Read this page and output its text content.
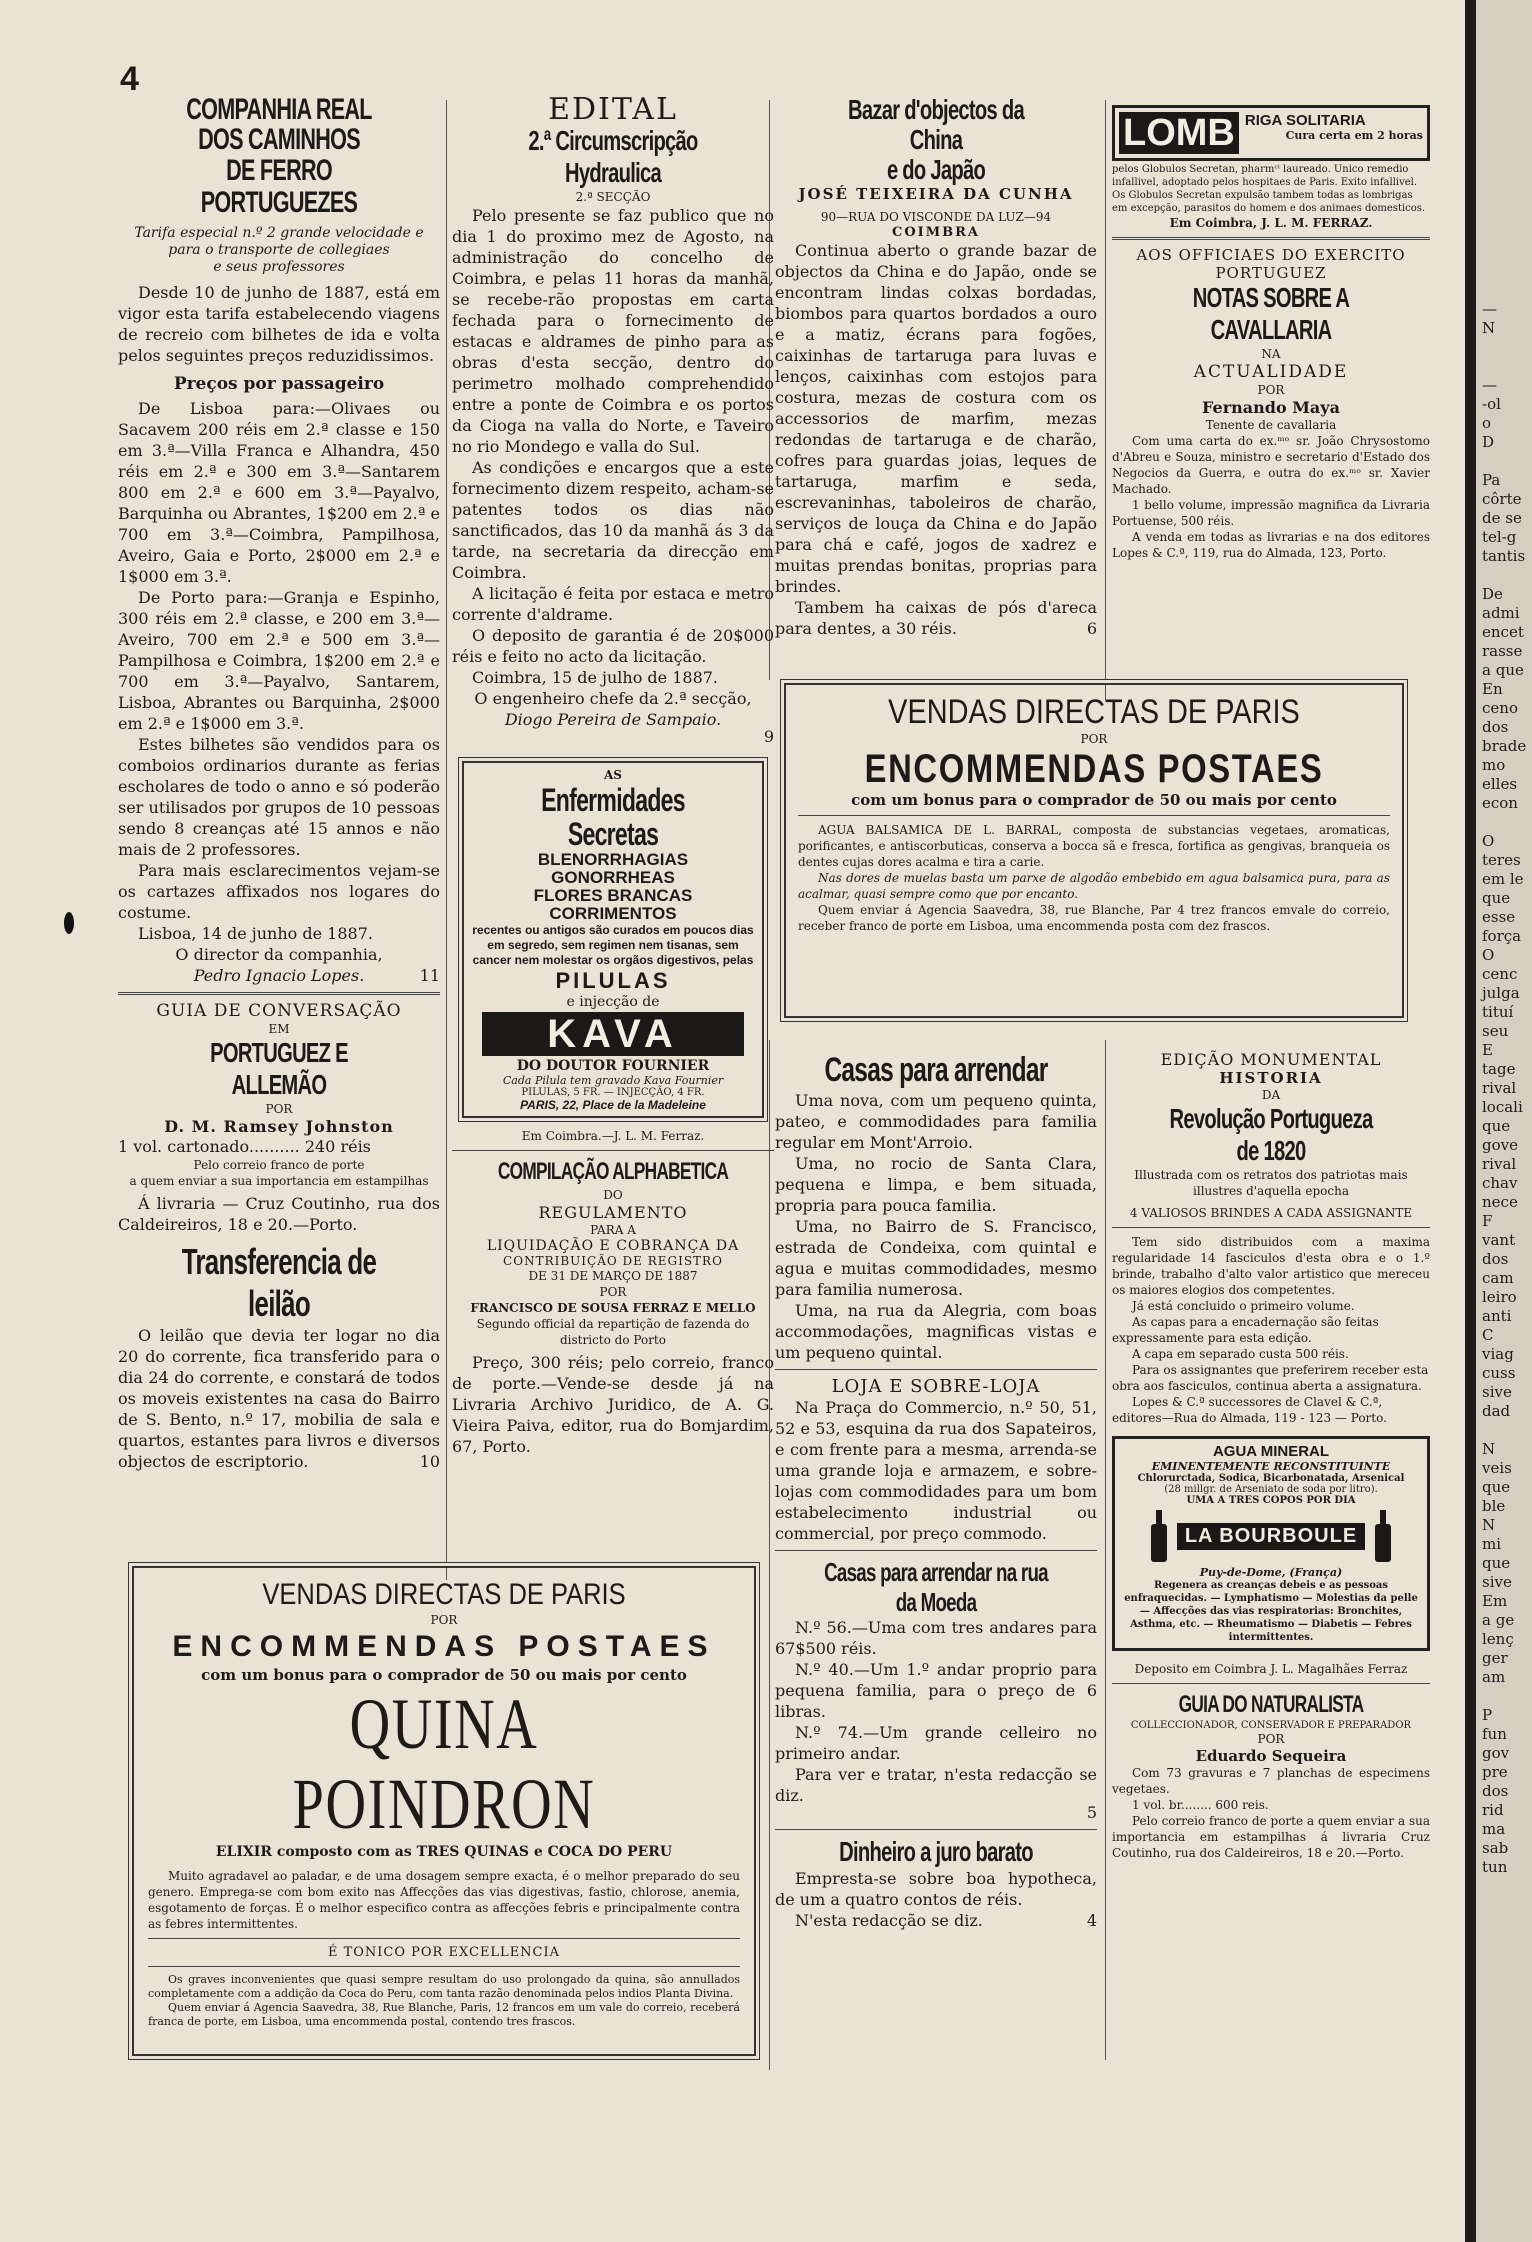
—

N

—

-ol

o

D

Pa

côrte

de se

tel-g

tantis

De

admi

encet

rasse

a que

En

ceno

dos

brade

mo

elles

econ

O

teres

em le

que

esse

força

O

cenc

julga

tituí

seu

E

tage

rival

locali

que

gove

rival

chav

nece

F

vant

dos

cam

leiro

anti

C

viag

cuss

sive

dad

N

veis

que

ble

N

mi

que

sive

Em

a ge

lenç

ger

am

P

fun

gov

pre

dos

rid

ma

sab

tun

4
COMPANHIA REAL DOS CAMINHOS
DE FERRO PORTUGUEZES

Tarifa especial n.º 2 grande velocidade e

para o transporte de collegiaes

e seus professores

Desde 10 de junho de 1887, está em vigor esta tarifa estabelecendo viagens de recreio com bilhetes de ida e volta pelos seguintes preços reduzidissimos.

Preços por passageiro

De Lisboa para:—Olivaes ou Sacavem 200 réis em 2.ª classe e 150 em 3.ª—Villa Franca e Alhandra, 450 réis em 2.ª e 300 em 3.ª—Santarem 800 em 2.ª e 600 em 3.ª—Payalvo, Barquinha ou Abrantes, 1$200 em 2.ª e 700 em 3.ª—Coimbra, Pampilhosa, Aveiro, Gaia e Porto, 2$000 em 2.ª e 1$000 em 3.ª.

De Porto para:—Granja e Espinho, 300 réis em 2.ª classe, e 200 em 3.ª—Aveiro, 700 em 2.ª e 500 em 3.ª—Pampilhosa e Coimbra, 1$200 em 2.ª e 700 em 3.ª—Payalvo, Santarem, Lisboa, Abrantes ou Barquinha, 2$000 em 2.ª e 1$000 em 3.ª.

Estes bilhetes são vendidos para os comboios ordinarios durante as ferias escholares de todo o anno e só poderão ser utilisados por grupos de 10 pessoas sendo 8 creanças até 15 annos e não mais de 2 professores.

Para mais esclarecimentos vejam-se os cartazes affixados nos logares do costume.

Lisboa, 14 de junho de 1887.

O director da companhia,

Pedro Ignacio Lopes.	11

GUIA DE CONVERSAÇÃO

EM

PORTUGUEZ E ALLEMÃO

POR

D. M. Ramsey Johnston

1 vol. cartonado.......... 240 réis

Pelo correio franco de porte

a quem enviar a sua importancia em estampilhas

Á livraria — Cruz Coutinho, rua dos Caldeireiros, 18 e 20.—Porto.

Transferencia de leilão

O leilão que devia ter logar no dia 20 do corrente, fica transferido para o dia 24 do corrente, e constará de todos os moveis existentes na casa do Bairro de S. Bento, n.º 17, mobilia de sala e quartos, estantes para livros e diversos objectos de escriptorio.	10

EDITAL

2.ª Circumscripção Hydraulica

2.ª SECÇÃO

Pelo presente se faz publico que no dia 1 do proximo mez de Agosto, na administração do concelho de Coimbra, e pelas 11 horas da manhã, se recebe-rão propostas em carta fechada para o fornecimento de estacas e aldrames de pinho para as obras d'esta secção, dentro do perimetro molhado comprehendido entre a ponte de Coimbra e os portos da Cioga na valla do Norte, e Taveiro no rio Mondego e valla do Sul.

As condições e encargos que a este fornecimento dizem respeito, acham-se patentes todos os dias não sanctificados, das 10 da manhã ás 3 da tarde, na secretaria da direcção em Coimbra.

A licitação é feita por estaca e metro corrente d'aldrame.

O deposito de garantia é de 20$000 réis e feito no acto da licitação.

Coimbra, 15 de julho de 1887.

O engenheiro chefe da 2.ª secção,

Diogo Pereira de Sampaio.

9

AS

Enfermidades Secretas

BLENORRHAGIAS

GONORRHEAS

FLORES BRANCAS

CORRIMENTOS

recentes ou antigos são curados em poucos dias em segredo, sem regimen nem tisanas, sem cancer nem molestar os orgãos digestivos, pelas

PILULAS

e injecção de

KAVA

DO DOUTOR FOURNIER

Cada Pilula tem gravado Kava Fournier

PILULAS, 5 FR. — INJECÇÃO, 4 FR.

PARIS, 22, Place de la Madeleine

Em Coimbra.—J. L. M. Ferraz.

COMPILAÇÃO ALPHABETICA

DO

REGULAMENTO

PARA A

LIQUIDAÇÃO E COBRANÇA DA

CONTRIBUIÇÃO DE REGISTRO

DE 31 DE MARÇO DE 1887

POR

FRANCISCO DE SOUSA FERRAZ E MELLO

Segundo official da repartição de fazenda do districto do Porto

Preço, 300 réis; pelo correio, franco de porte.—Vende-se desde já na Livraria Archivo Juridico, de A. G. Vieira Paiva, editor, rua do Bomjardim, 67, Porto.

Bazar d'objectos da China
e do Japão

JOSÉ TEIXEIRA DA CUNHA

90—RUA DO VISCONDE DA LUZ—94

COIMBRA

Continua aberto o grande bazar de objectos da China e do Japão, onde se encontram lindas colxas bordadas, biombos para quartos bordados a ouro e a matiz, écrans para fogões, caixinhas de tartaruga para luvas e lenços, caixinhas com estojos para costura, mezas de costura com os accessorios de marfim, mezas redondas de tartaruga e de charão, cofres para guardas joias, leques de tartaruga, marfim e seda, escrevaninhas, taboleiros de charão, serviços de louça da China e do Japão para chá e café, jogos de xadrez e muitas prendas bonitas, proprias para brindes.

Tambem ha caixas de pós d'areca para dentes, a 30 réis.	6

Casas para arrendar

Uma nova, com um pequeno quinta, pateo, e commodidades para familia regular em Mont'Arroio.

Uma, no rocio de Santa Clara, pequena e limpa, e bem situada, propria para pouca familia.

Uma, no Bairro de S. Francisco, estrada de Condeixa, com quintal e agua e muitas commodidades, mesmo para familia numerosa.

Uma, na rua da Alegria, com boas accommodações, magnificas vistas e um pequeno quintal.

LOJA E SOBRE-LOJA

Na Praça do Commercio, n.º 50, 51, 52 e 53, esquina da rua dos Sapateiros, e com frente para a mesma, arrenda-se uma grande loja e armazem, e sobre-lojas com commodidades para um bom estabelecimento industrial ou commercial, por preço commodo.

Casas para arrendar na rua
da Moeda

N.º 56.—Uma com tres andares para 67$500 réis.

N.º 40.—Um 1.º andar proprio para pequena familia, para o preço de 6 libras.

N.º 74.—Um grande celleiro no primeiro andar.

Para ver e tratar, n'esta redacção se diz.

5

Dinheiro a juro barato

Empresta-se sobre boa hypotheca, de um a quatro contos de réis.

N'esta redacção se diz.	4

LOMB RIGA SOLITARIA

Cura certa em 2 horas

pelos Globulos Secretan, pharmᶜⁱ laureado. Unico remedio infallivel, adoptado pelos hospitaes de Paris. Exito infallivel. Os Globulos Secretan expulsão tambem todas as lombrigas em excepção, parasitos do homem e dos animaes domesticos.

Em Coimbra, J. L. M. FERRAZ.

AOS OFFICIAES DO EXERCITO

PORTUGUEZ

NOTAS SOBRE A CAVALLARIA

NA

ACTUALIDADE

POR

Fernando Maya

Tenente de cavallaria

Com uma carta do ex.ᵐᵒ sr. João Chrysostomo d'Abreu e Souza, ministro e secretario d'Estado dos Negocios da Guerra, e outra do ex.ᵐᵒ sr. Xavier Machado.

1 bello volume, impressão magnifica da Livraria Portuense, 500 réis.

A venda em todas as livrarias e na dos editores Lopes & C.ª, 119, rua do Almada, 123, Porto.

EDIÇÃO MONUMENTAL

HISTORIA

DA

Revolução Portugueza de 1820

Illustrada com os retratos dos patriotas mais illustres d'aquella epocha

4 VALIOSOS BRINDES A CADA ASSIGNANTE

Tem sido distribuidos com a maxima regularidade 14 fasciculos d'esta obra e o 1.º brinde, trabalho d'alto valor artistico que mereceu os maiores elogios dos competentes.

Já está concluido o primeiro volume.

As capas para a encadernação são feitas expressamente para esta edição.

A capa em separado custa 500 réis.

Para os assignantes que preferirem receber esta obra aos fasciculos, continua aberta a assignatura.

Lopes & C.ª successores de Clavel & C.ª, editores—Rua do Almada, 119 - 123 — Porto.

AGUA MINERAL

EMINENTEMENTE RECONSTITUINTE

Chlorurctada, Sodica, Bicarbonatada, Arsenical

(28 millgr. de Arseniato de soda por litro).

UMA A TRES COPOS POR DIA

LA BOURBOULE

Puy-de-Dome, (França)

Regenera as creanças debeis e as pessoas enfraquecidas. — Lymphatismo — Molestias da pelle — Affecções das vias respiratorias: Bronchites, Asthma, etc. — Rheumatismo — Diabetis — Febres intermittentes.

Deposito em Coimbra J. L. Magalhães Ferraz

GUIA DO NATURALISTA

COLLECCIONADOR, CONSERVADOR E PREPARADOR

POR

Eduardo Sequeira

Com 73 gravuras e 7 planchas de especimens vegetaes.

1 vol. br........ 600 reis.

Pelo correio franco de porte a quem enviar a sua importancia em estampilhas á livraria Cruz Coutinho, rua dos Caldeireiros, 18 e 20.—Porto.

VENDAS DIRECTAS DE PARIS

POR

ENCOMMENDAS POSTAES

com um bonus para o comprador de 50 ou mais por cento

AGUA BALSAMICA DE L. BARRAL, composta de substancias vegetaes, aromaticas, porificantes, e antiscorbuticas, conserva a bocca sã e fresca, fortifica as gengivas, branqueia os dentes cujas dores acalma e tira a carie.

Nas dores de muelas basta um parxe de algodão embebido em agua balsamica pura, para as acalmar, quasi sempre como que por encanto.

Quem enviar á Agencia Saavedra, 38, rue Blanche, Par 4 trez francos emvale do correio, receber franco de porte em Lisboa, uma encommenda posta com dez frascos.

VENDAS DIRECTAS DE PARIS

POR

ENCOMMENDAS POSTAES

com um bonus para o comprador de 50 ou mais por cento

QUINA POINDRON

ELIXIR composto com as TRES QUINAS e COCA DO PERU

Muito agradavel ao paladar, e de uma dosagem sempre exacta, é o melhor preparado do seu genero. Emprega-se com bom exito nas Affecções das vias digestivas, fastio, chlorose, anemia, esgotamento de forças. É o melhor especifico contra as affecções febris e principalmente contra as febres intermittentes.

É TONICO POR EXCELLENCIA

Os graves inconvenientes que quasi sempre resultam do uso prolongado da quina, são annullados completamente com a addição da Coca do Peru, com tanta razão denominada pelos indios Planta Divina.

Quem enviar á Agencia Saavedra, 38, Rue Blanche, Paris, 12 francos em um vale do correio, receberá franca de porte, em Lisboa, uma encommenda postal, contendo tres frascos.
